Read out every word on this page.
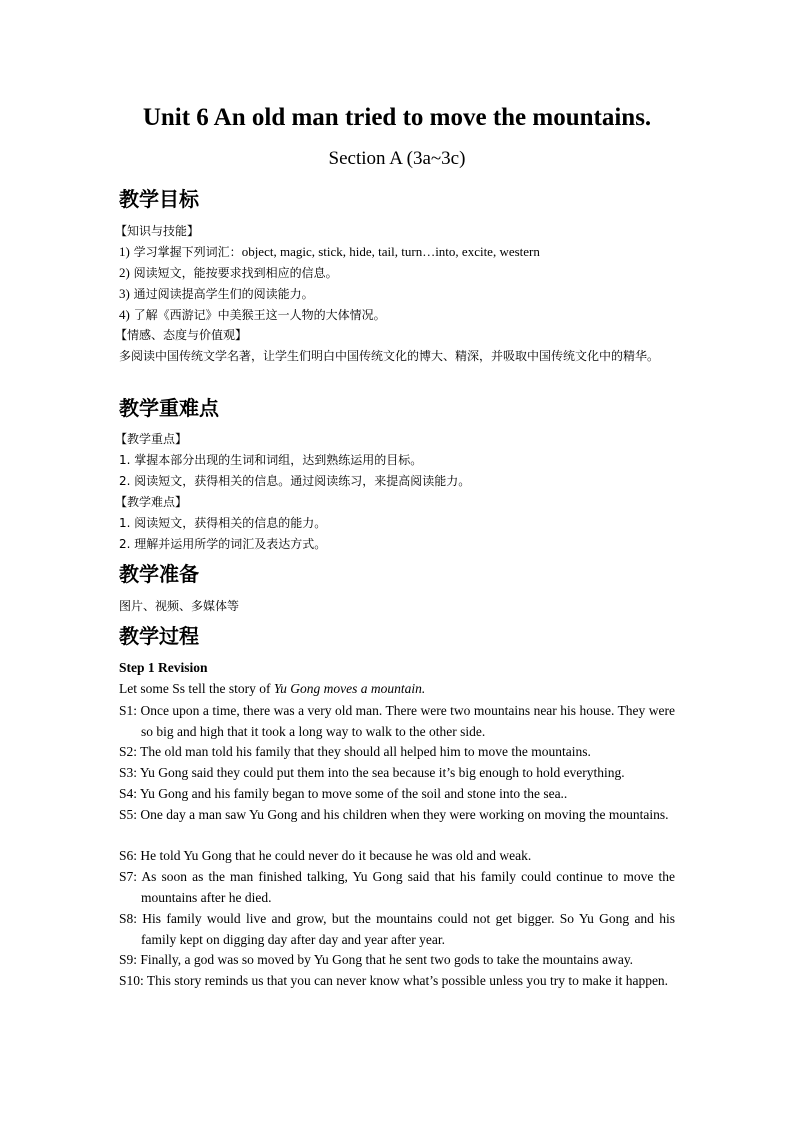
Unit 6 An old man tried to move the mountains.
Section A (3a~3c)
教学目标
【知识与技能】
1) 学习掌握下列词汇：object, magic, stick, hide, tail, turn…into, excite, western
2) 阅读短文，能按要求找到相应的信息。
3) 通过阅读提高学生们的阅读能力。
4) 了解《西游记》中美猴王这一人物的大体情况。
【情感、态度与价值观】
多阅读中国传统文学名著，让学生们明白中国传统文化的博大、精深，并吸取中国传统文化中的精华。
教学重难点
【教学重点】
1. 掌握本部分出现的生词和词组，达到熟练运用的目标。
2. 阅读短文，获得相关的信息。通过阅读练习，来提高阅读能力。
【教学难点】
1. 阅读短文，获得相关的信息的能力。
2. 理解并运用所学的词汇及表达方式。
教学准备
图片、视频、多媒体等
教学过程
Step 1 Revision
Let some Ss tell the story of Yu Gong moves a mountain.
S1: Once upon a time, there was a very old man. There were two mountains near his house. They were so big and high that it took a long way to walk to the other side.
S2: The old man told his family that they should all helped him to move the mountains.
S3: Yu Gong said they could put them into the sea because it’s big enough to hold everything.
S4: Yu Gong and his family began to move some of the soil and stone into the sea..
S5: One day a man saw Yu Gong and his children when they were working on moving the mountains.
S6: He told Yu Gong that he could never do it because he was old and weak.
S7: As soon as the man finished talking, Yu Gong said that his family could continue to move the mountains after he died.
S8: His family would live and grow, but the mountains could not get bigger. So Yu Gong and his family kept on digging day after day and year after year.
S9: Finally, a god was so moved by Yu Gong that he sent two gods to take the mountains away.
S10: This story reminds us that you can never know what’s possible unless you try to make it happen.
